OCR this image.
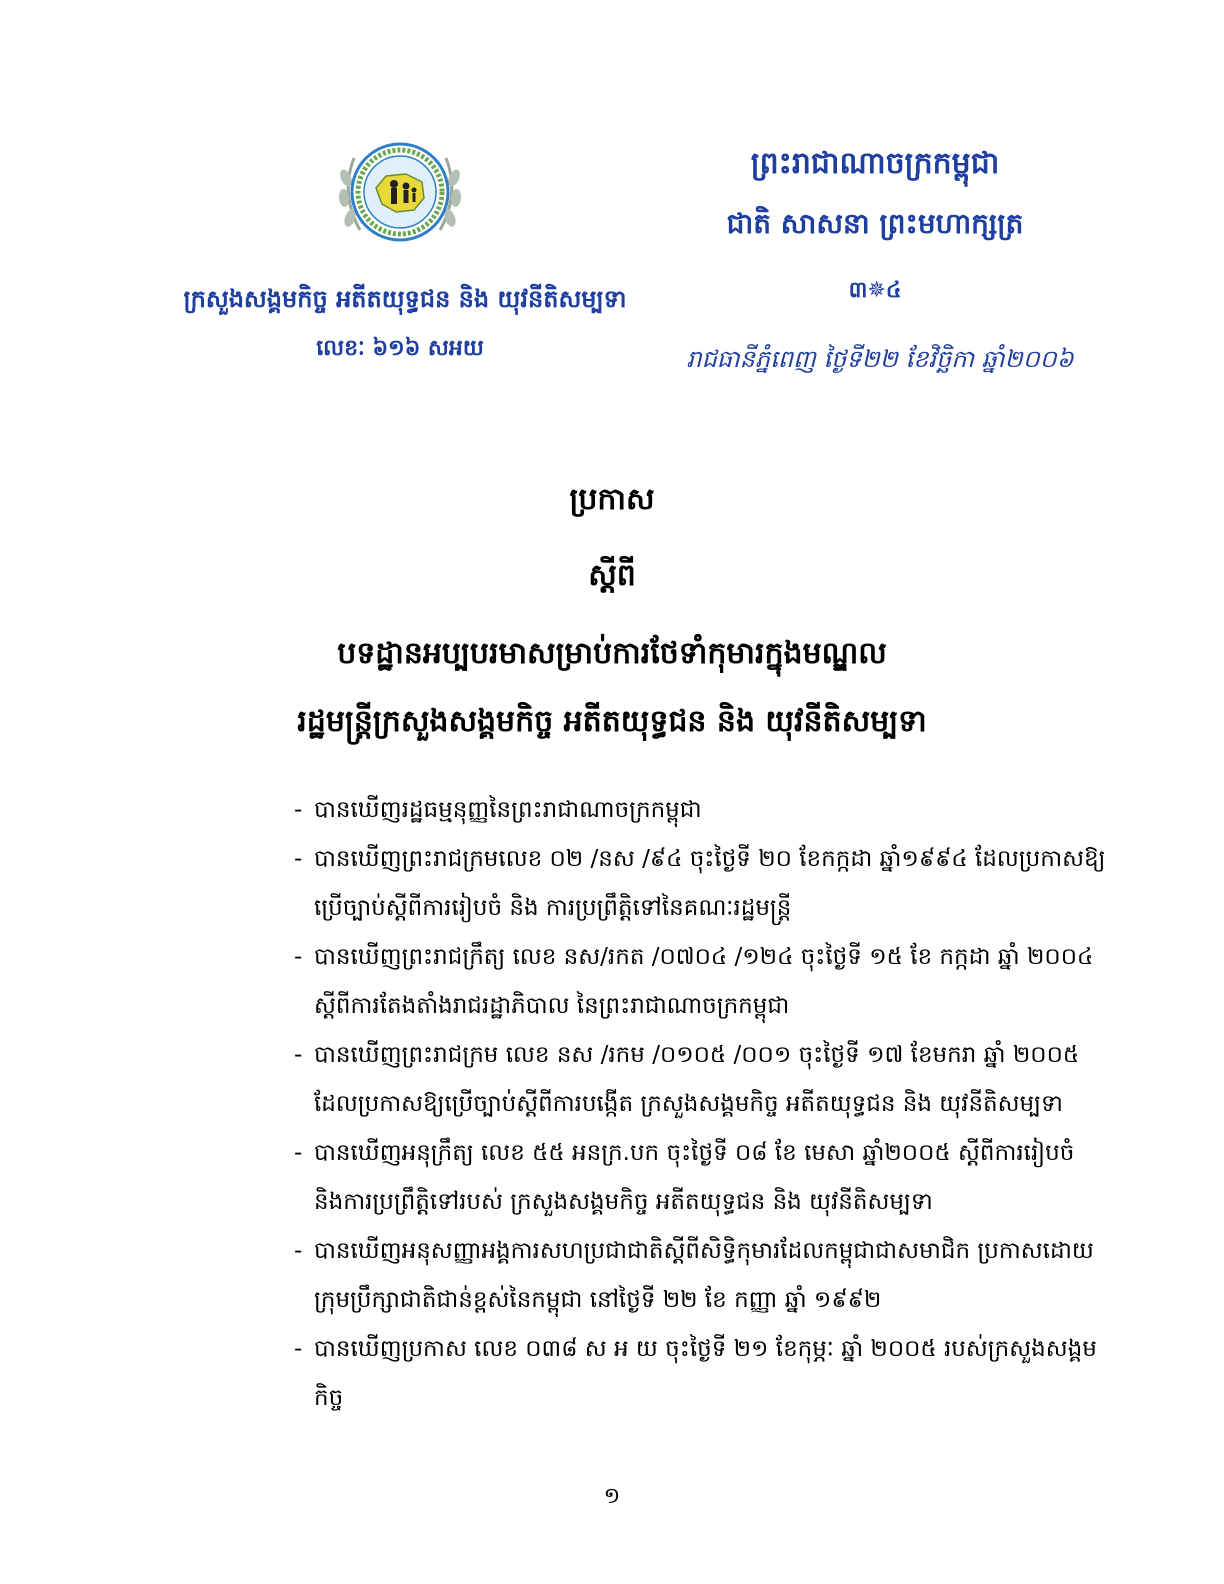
ព្រះរាជាណាចក្រកម្ពុជា
ជាតិ សាសនា ព្រះមហាក្សត្រ
៣✵៤
ក្រសួងសង្គមកិច្ច អតីតយុទ្ធជន និង យុវនីតិសម្បទា
លេខៈ ៦១៦ សអយ	រាជធានីភ្នំពេញ ថ្ងៃទី២២ ខែវិច្ឆិកា ឆ្នាំ២០០៦
ប្រកាស
ស្តីពី
បទដ្ឋានអប្បបរមាសម្រាប់ការថែទាំកុមារក្នុងមណ្ឌល
រដ្ឋមន្ត្រីក្រសួងសង្គមកិច្ច អតីតយុទ្ធជន និង យុវនីតិសម្បទា
- បានឃើញរដ្ឋធម្មនុញ្ញនៃព្រះរាជាណាចក្រកម្ពុជា
- បានឃើញព្រះរាជក្រមលេខ ០២ /នស /៩៤ ចុះថ្ងៃទី ២០ ខែកក្កដា ឆ្នាំ១៩៩៤ ដែលប្រកាសឱ្យប្រើច្បាប់ស្តីពីការរៀបចំ និង ការប្រព្រឹត្តិទៅនៃគណៈរដ្ឋមន្ត្រី
- បានឃើញព្រះរាជក្រឹត្យ លេខ នស/រកត /០៧០៤ /១២៤ ចុះថ្ងៃទី ១៥ ខែ កក្កដា ឆ្នាំ ២០០៤ ស្តីពីការតែងតាំងរាជរដ្ឋាភិបាល នៃព្រះរាជាណាចក្រកម្ពុជា
- បានឃើញព្រះរាជក្រម លេខ នស /រកម /០១០៥ /០០១ ចុះថ្ងៃទី ១៧ ខែមករា ឆ្នាំ ២០០៥ ដែលប្រកាសឱ្យប្រើច្បាប់ស្តីពីការបង្កើត ក្រសួងសង្គមកិច្ច អតីតយុទ្ធជន និង យុវនីតិសម្បទា
- បានឃើញអនុក្រឹត្យ លេខ ៥៥ អនក្រ.បក ចុះថ្ងៃទី ០៨ ខែ មេសា ឆ្នាំ២០០៥ ស្តីពីការរៀបចំ និងការប្រព្រឹត្តិទៅរបស់ ក្រសួងសង្គមកិច្ច អតីតយុទ្ធជន និង យុវនីតិសម្បទា
- បានឃើញអនុសញ្ញាអង្គការសហប្រជាជាតិស្តីពីសិទ្ធិកុមារដែលកម្ពុជាជាសមាជិក ប្រកាសដោយក្រុមប្រឹក្សាជាតិជាន់ខ្ពស់នៃកម្ពុជា នៅថ្ងៃទី ២២ ខែ កញ្ញា ឆ្នាំ ១៩៩២
- បានឃើញប្រកាស លេខ ០៣៨ ស អ យ ចុះថ្ងៃទី ២១ ខែកុម្ភៈ ឆ្នាំ ២០០៥ របស់ក្រសួងសង្គមកិច្ច
១
